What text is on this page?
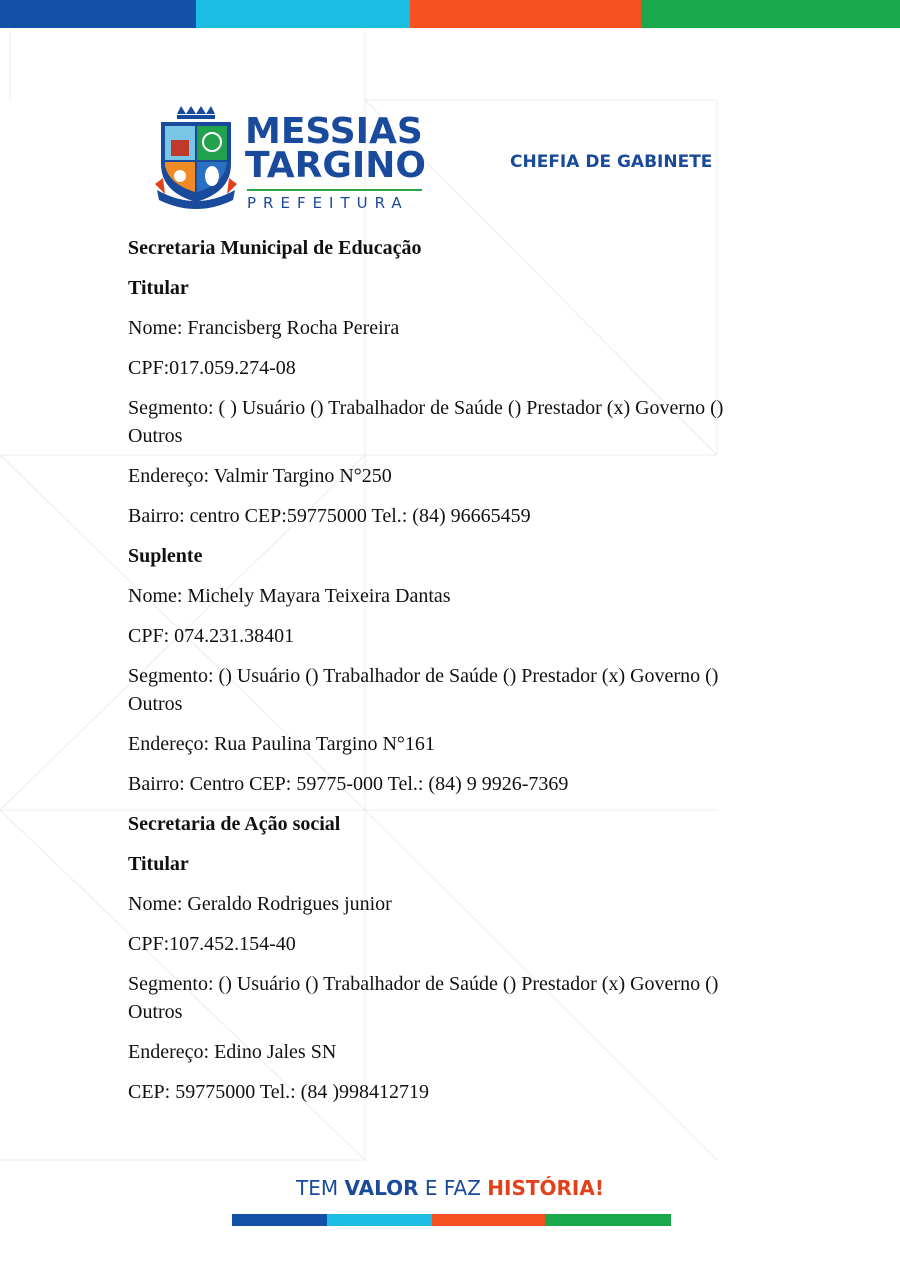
MESSIAS
TARGINO
PREFEITURA
CHEFIA DE GABINETE

Secretaria Municipal de Educação

Titular

Nome: Francisberg Rocha Pereira

CPF:017.059.274-08

Segmento: ( ) Usuário () Trabalhador de Saúde () Prestador (x) Governo () Outros

Endereço: Valmir Targino N°250

Bairro: centro CEP:59775000 Tel.: (84) 96665459

Suplente

Nome: Michely Mayara Teixeira Dantas

CPF: 074.231.38401

Segmento: () Usuário () Trabalhador de Saúde () Prestador (x) Governo () Outros

Endereço: Rua Paulina Targino N°161

Bairro: Centro CEP: 59775-000 Tel.: (84) 9 9926-7369

Secretaria de Ação social

Titular

Nome: Geraldo Rodrigues junior

CPF:107.452.154-40

Segmento: () Usuário () Trabalhador de Saúde () Prestador (x) Governo () Outros

Endereço: Edino Jales SN

CEP: 59775000 Tel.: (84 )998412719

TEM VALOR E FAZ HISTÓRIA!
